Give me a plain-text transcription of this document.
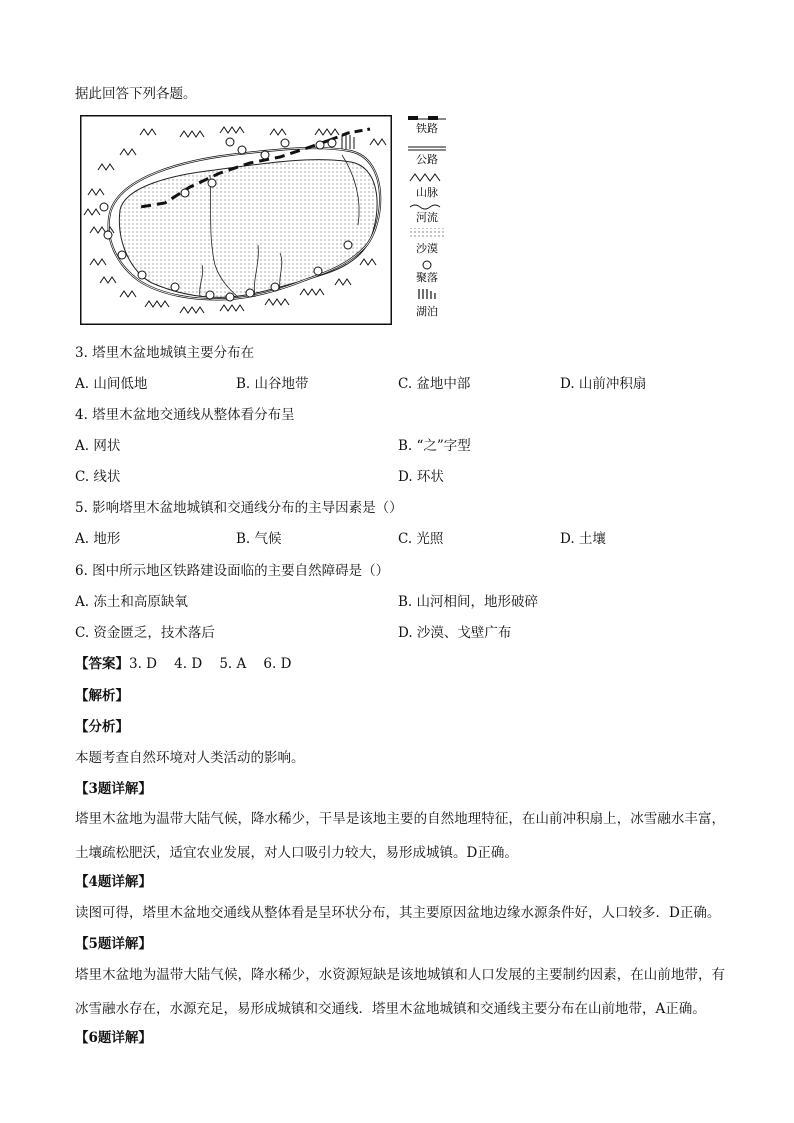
据此回答下列各题。
铁路
公路
山脉
河流
沙漠
聚落
湖泊
3. 塔里木盆地城镇主要分布在
A. 山间低地	B. 山谷地带	C. 盆地中部	D. 山前冲积扇
4. 塔里木盆地交通线从整体看分布呈
A. 网状	B. “之”字型
C. 线状	D. 环状
5. 影响塔里木盆地城镇和交通线分布的主导因素是（）
A. 地形	B. 气候	C. 光照	D. 土壤
6. 图中所示地区铁路建设面临的主要自然障碍是（）
A. 冻土和高原缺氧	B. 山河相间，地形破碎
C. 资金匮乏，技术落后	D. 沙漠、戈壁广布
【答案】3. D    4. D    5. A    6. D
【解析】
【分析】
本题考查自然环境对人类活动的影响。
【3题详解】
塔里木盆地为温带大陆气候，降水稀少，干旱是该地主要的自然地理特征，在山前冲积扇上，冰雪融水丰富，土壤疏松肥沃，适宜农业发展，对人口吸引力较大，易形成城镇。D正确。
【4题详解】
读图可得，塔里木盆地交通线从整体看是呈环状分布，其主要原因盆地边缘水源条件好，人口较多．D正确。
【5题详解】
塔里木盆地为温带大陆气候，降水稀少，水资源短缺是该地城镇和人口发展的主要制约因素，在山前地带，有冰雪融水存在，水源充足，易形成城镇和交通线．塔里木盆地城镇和交通线主要分布在山前地带，A正确。
【6题详解】
